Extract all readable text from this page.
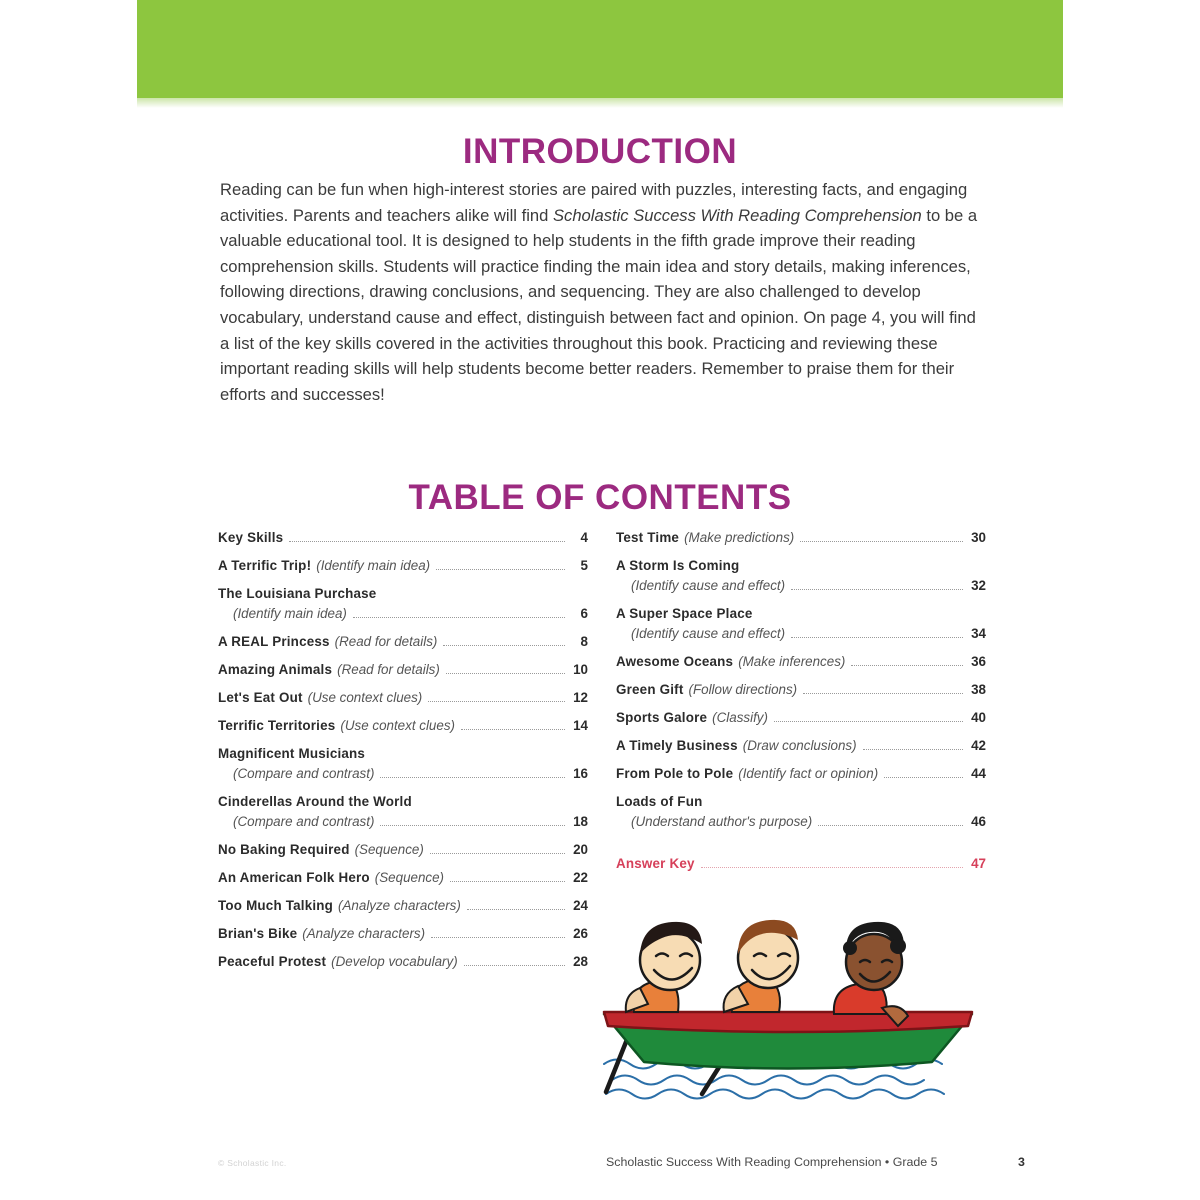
INTRODUCTION
Reading can be fun when high-interest stories are paired with puzzles, interesting facts, and engaging activities. Parents and teachers alike will find Scholastic Success With Reading Comprehension to be a valuable educational tool. It is designed to help students in the fifth grade improve their reading comprehension skills. Students will practice finding the main idea and story details, making inferences, following directions, drawing conclusions, and sequencing. They are also challenged to develop vocabulary, understand cause and effect, distinguish between fact and opinion. On page 4, you will find a list of the key skills covered in the activities throughout this book. Practicing and reviewing these important reading skills will help students become better readers. Remember to praise them for their efforts and successes!
TABLE OF CONTENTS
Key Skills	4
A Terrific Trip! (Identify main idea)	5
The Louisiana Purchase
(Identify main idea)	6
A REAL Princess (Read for details)	8
Amazing Animals (Read for details)	10
Let's Eat Out (Use context clues)	12
Terrific Territories (Use context clues)	14
Magnificent Musicians
(Compare and contrast)	16
Cinderellas Around the World
(Compare and contrast)	18
No Baking Required (Sequence)	20
An American Folk Hero (Sequence)	22
Too Much Talking (Analyze characters)	24
Brian's Bike (Analyze characters)	26
Peaceful Protest (Develop vocabulary)	28
Test Time (Make predictions)	30
A Storm Is Coming
(Identify cause and effect)	32
A Super Space Place
(Identify cause and effect)	34
Awesome Oceans (Make inferences)	36
Green Gift (Follow directions)	38
Sports Galore (Classify)	40
A Timely Business (Draw conclusions)	42
From Pole to Pole (Identify fact or opinion)	44
Loads of Fun
(Understand author's purpose)	46
Answer Key	47
© Scholastic Inc.	Scholastic Success With Reading Comprehension • Grade 5	3
